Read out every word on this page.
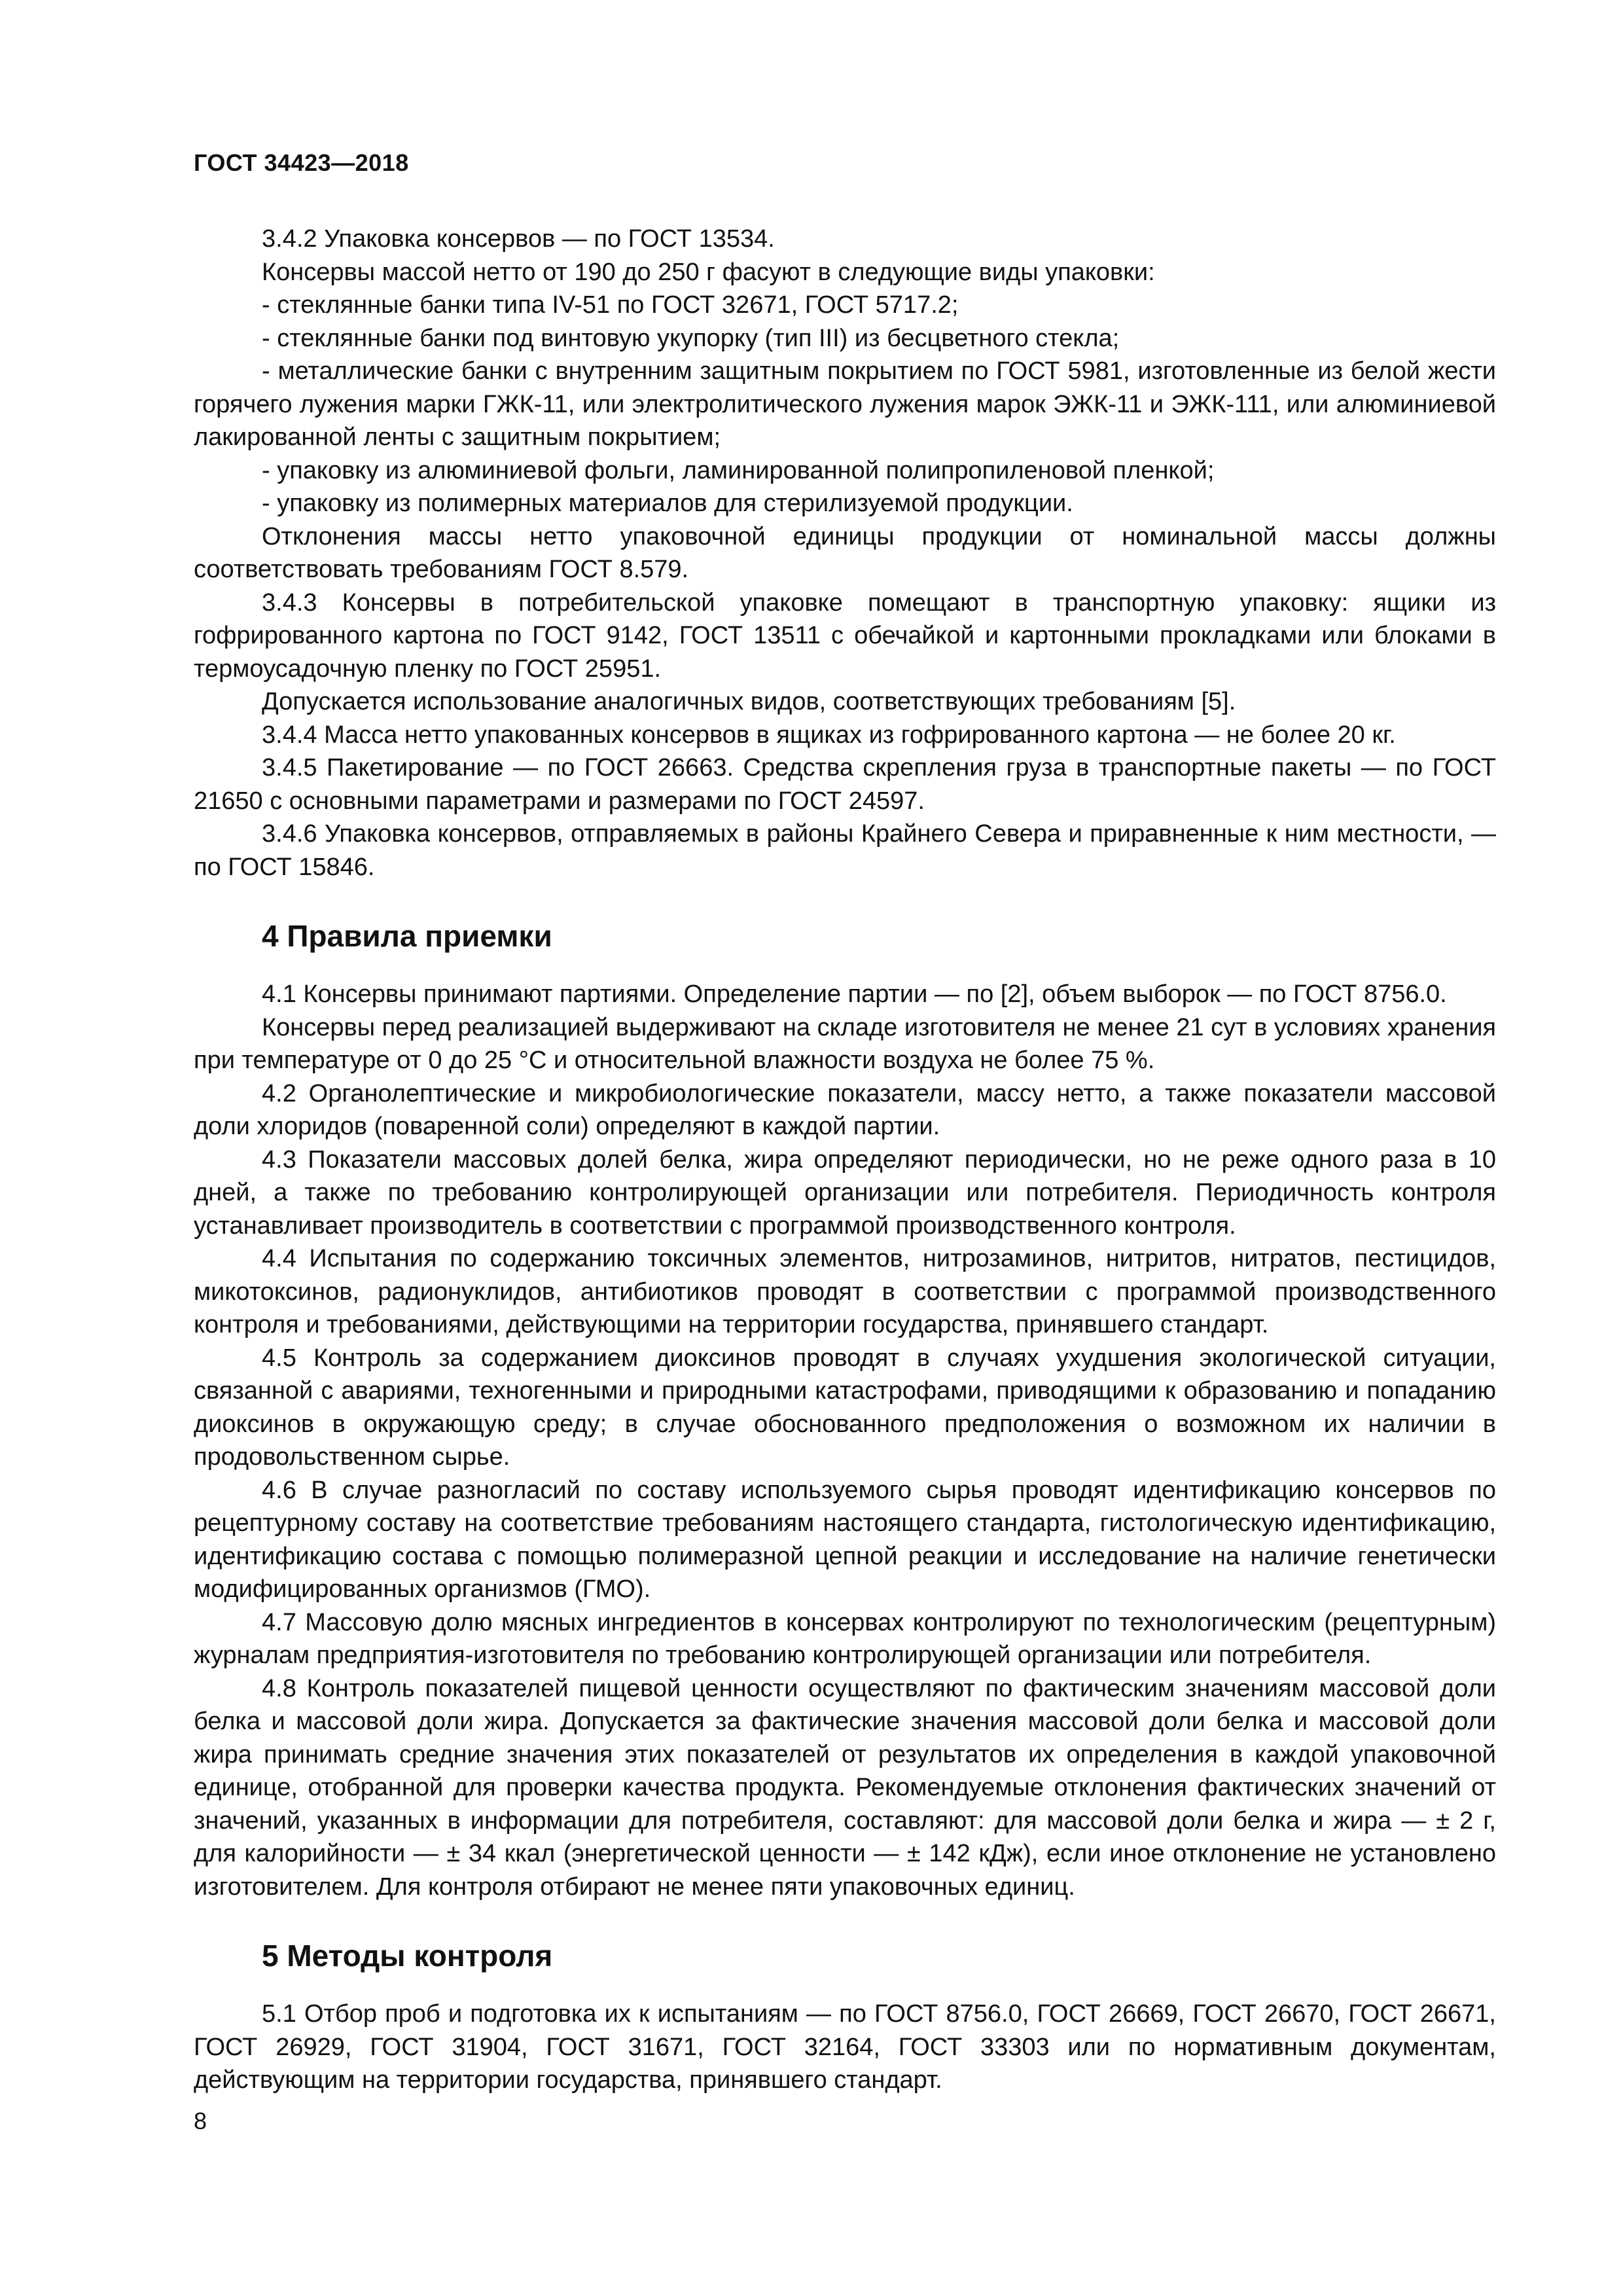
ГОСТ 34423—2018

3.4.2 Упаковка консервов — по ГОСТ 13534.

Консервы массой нетто от 190 до 250 г фасуют в следующие виды упаковки:

- стеклянные банки типа IV-51 по ГОСТ 32671, ГОСТ 5717.2;

- стеклянные банки под винтовую укупорку (тип III) из бесцветного стекла;

- металлические банки с внутренним защитным покрытием по ГОСТ 5981, изготовленные из белой жести горячего лужения марки ГЖК-11, или электролитического лужения марок ЭЖК-11 и ЭЖК-111, или алюминиевой лакированной ленты с защитным покрытием;

- упаковку из алюминиевой фольги, ламинированной полипропиленовой пленкой;

- упаковку из полимерных материалов для стерилизуемой продукции.

Отклонения массы нетто упаковочной единицы продукции от номинальной массы должны соответствовать требованиям ГОСТ 8.579.

3.4.3 Консервы в потребительской упаковке помещают в транспортную упаковку: ящики из гофрированного картона по ГОСТ 9142, ГОСТ 13511 с обечайкой и картонными прокладками или блоками в термоусадочную пленку по ГОСТ 25951.

Допускается использование аналогичных видов, соответствующих требованиям [5].

3.4.4 Масса нетто упакованных консервов в ящиках из гофрированного картона — не более 20 кг.

3.4.5 Пакетирование — по ГОСТ 26663. Средства скрепления груза в транспортные пакеты — по ГОСТ 21650 с основными параметрами и размерами по ГОСТ 24597.

3.4.6 Упаковка консервов, отправляемых в районы Крайнего Севера и приравненные к ним местности, — по ГОСТ 15846.

4 Правила приемки

4.1 Консервы принимают партиями. Определение партии — по [2], объем выборок — по ГОСТ 8756.0.

Консервы перед реализацией выдерживают на складе изготовителя не менее 21 сут в условиях хранения при температуре от 0 до 25 °С и относительной влажности воздуха не более 75 %.

4.2 Органолептические и микробиологические показатели, массу нетто, а также показатели массовой доли хлоридов (поваренной соли) определяют в каждой партии.

4.3 Показатели массовых долей белка, жира определяют периодически, но не реже одного раза в 10 дней, а также по требованию контролирующей организации или потребителя. Периодичность контроля устанавливает производитель в соответствии с программой производственного контроля.

4.4 Испытания по содержанию токсичных элементов, нитрозаминов, нитритов, нитратов, пестицидов, микотоксинов, радионуклидов, антибиотиков проводят в соответствии с программой производственного контроля и требованиями, действующими на территории государства, принявшего стандарт.

4.5 Контроль за содержанием диоксинов проводят в случаях ухудшения экологической ситуации, связанной с авариями, техногенными и природными катастрофами, приводящими к образованию и попаданию диоксинов в окружающую среду; в случае обоснованного предположения о возможном их наличии в продовольственном сырье.

4.6 В случае разногласий по составу используемого сырья проводят идентификацию консервов по рецептурному составу на соответствие требованиям настоящего стандарта, гистологическую идентификацию, идентификацию состава с помощью полимеразной цепной реакции и исследование на наличие генетически модифицированных организмов (ГМО).

4.7 Массовую долю мясных ингредиентов в консервах контролируют по технологическим (рецептурным) журналам предприятия-изготовителя по требованию контролирующей организации или потребителя.

4.8 Контроль показателей пищевой ценности осуществляют по фактическим значениям массовой доли белка и массовой доли жира. Допускается за фактические значения массовой доли белка и массовой доли жира принимать средние значения этих показателей от результатов их определения в каждой упаковочной единице, отобранной для проверки качества продукта. Рекомендуемые отклонения фактических значений от значений, указанных в информации для потребителя, составляют: для массовой доли белка и жира — ± 2 г, для калорийности — ± 34 ккал (энергетической ценности — ± 142 кДж), если иное отклонение не установлено изготовителем. Для контроля отбирают не менее пяти упаковочных единиц.

5 Методы контроля

5.1 Отбор проб и подготовка их к испытаниям — по ГОСТ 8756.0, ГОСТ 26669, ГОСТ 26670, ГОСТ 26671, ГОСТ 26929, ГОСТ 31904, ГОСТ 31671, ГОСТ 32164, ГОСТ 33303 или по нормативным документам, действующим на территории государства, принявшего стандарт.

8
